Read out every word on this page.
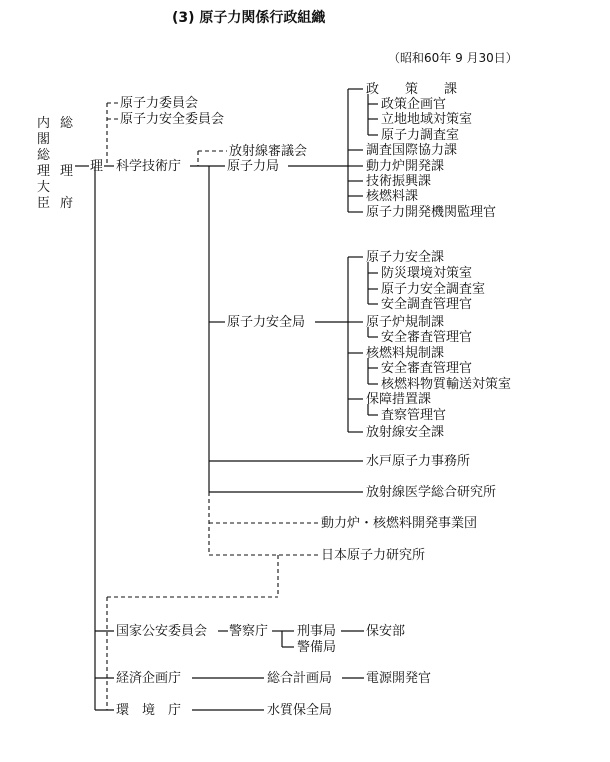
(3) 原子力関係行政組織
（昭和60年 9 月30日）
内
閣
総
理
大
臣
総
理
府
理
原子力委員会
原子力安全委員会
科学技術庁
放射線審議会
原子力局
政　　策　　課
政策企画官
立地地域対策室
原子力調査室
調査国際協力課
動力炉開発課
技術振興課
核燃料課
原子力開発機関監理官
原子力安全局
原子力安全課
防災環境対策室
原子力安全調査室
安全調査管理官
原子炉規制課
安全審査管理官
核燃料規制課
安全審査管理官
核燃料物質輸送対策室
保障措置課
査察管理官
放射線安全課
水戸原子力事務所
放射線医学総合研究所
動力炉・核燃料開発事業団
日本原子力研究所
国家公安委員会 警察庁 刑事局
警備局
保安部
経済企画庁	総合計画局	電源開発官
環　境　庁	水質保全局
